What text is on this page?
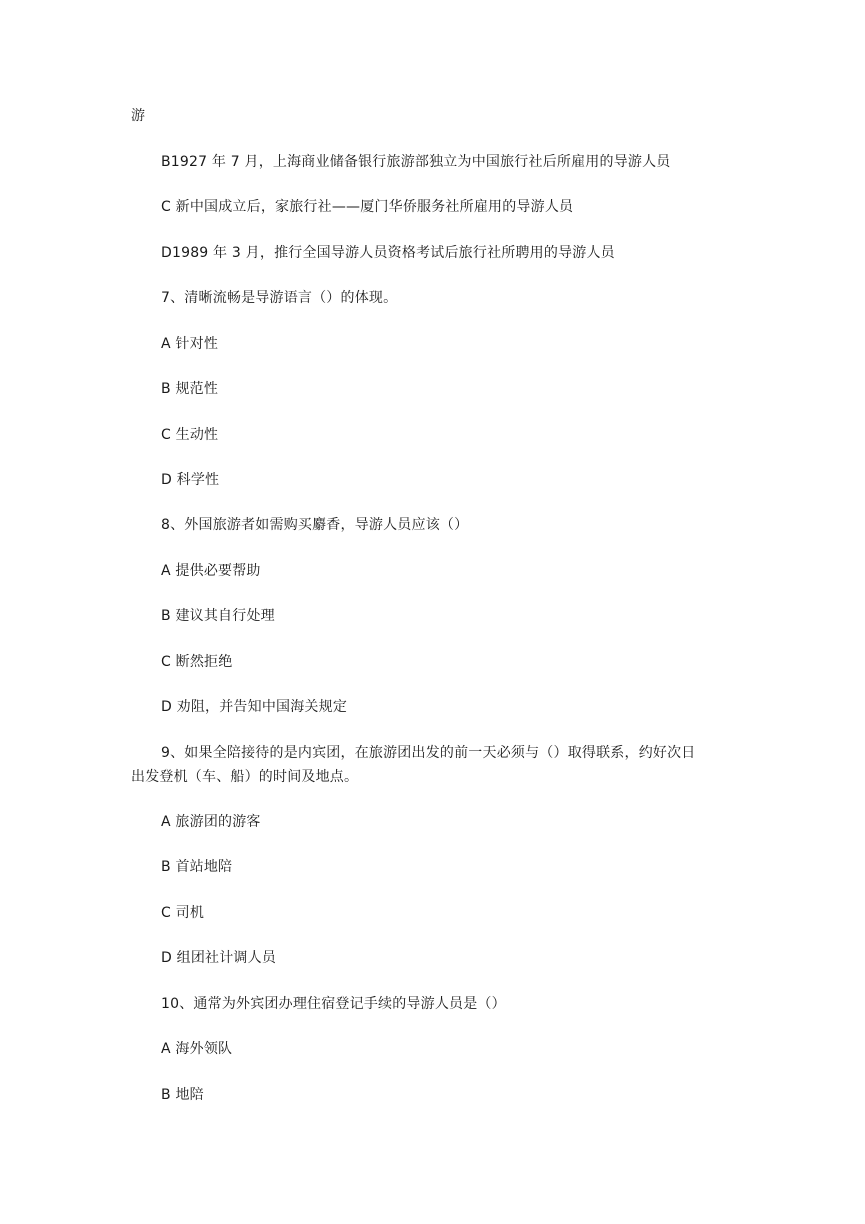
游
B1927 年 7 月，上海商业储备银行旅游部独立为中国旅行社后所雇用的导游人员
C 新中国成立后，家旅行社——厦门华侨服务社所雇用的导游人员
D1989 年 3 月，推行全国导游人员资格考试后旅行社所聘用的导游人员
7、清晰流畅是导游语言（）的体现。
A 针对性
B 规范性
C 生动性
D 科学性
8、外国旅游者如需购买麝香，导游人员应该（）
A 提供必要帮助
B 建议其自行处理
C 断然拒绝
D 劝阻，并告知中国海关规定
9、如果全陪接待的是内宾团，在旅游团出发的前一天必须与（）取得联系，约好次日
出发登机（车、船）的时间及地点。
A 旅游团的游客
B 首站地陪
C 司机
D 组团社计调人员
10、通常为外宾团办理住宿登记手续的导游人员是（）
A 海外领队
B 地陪
